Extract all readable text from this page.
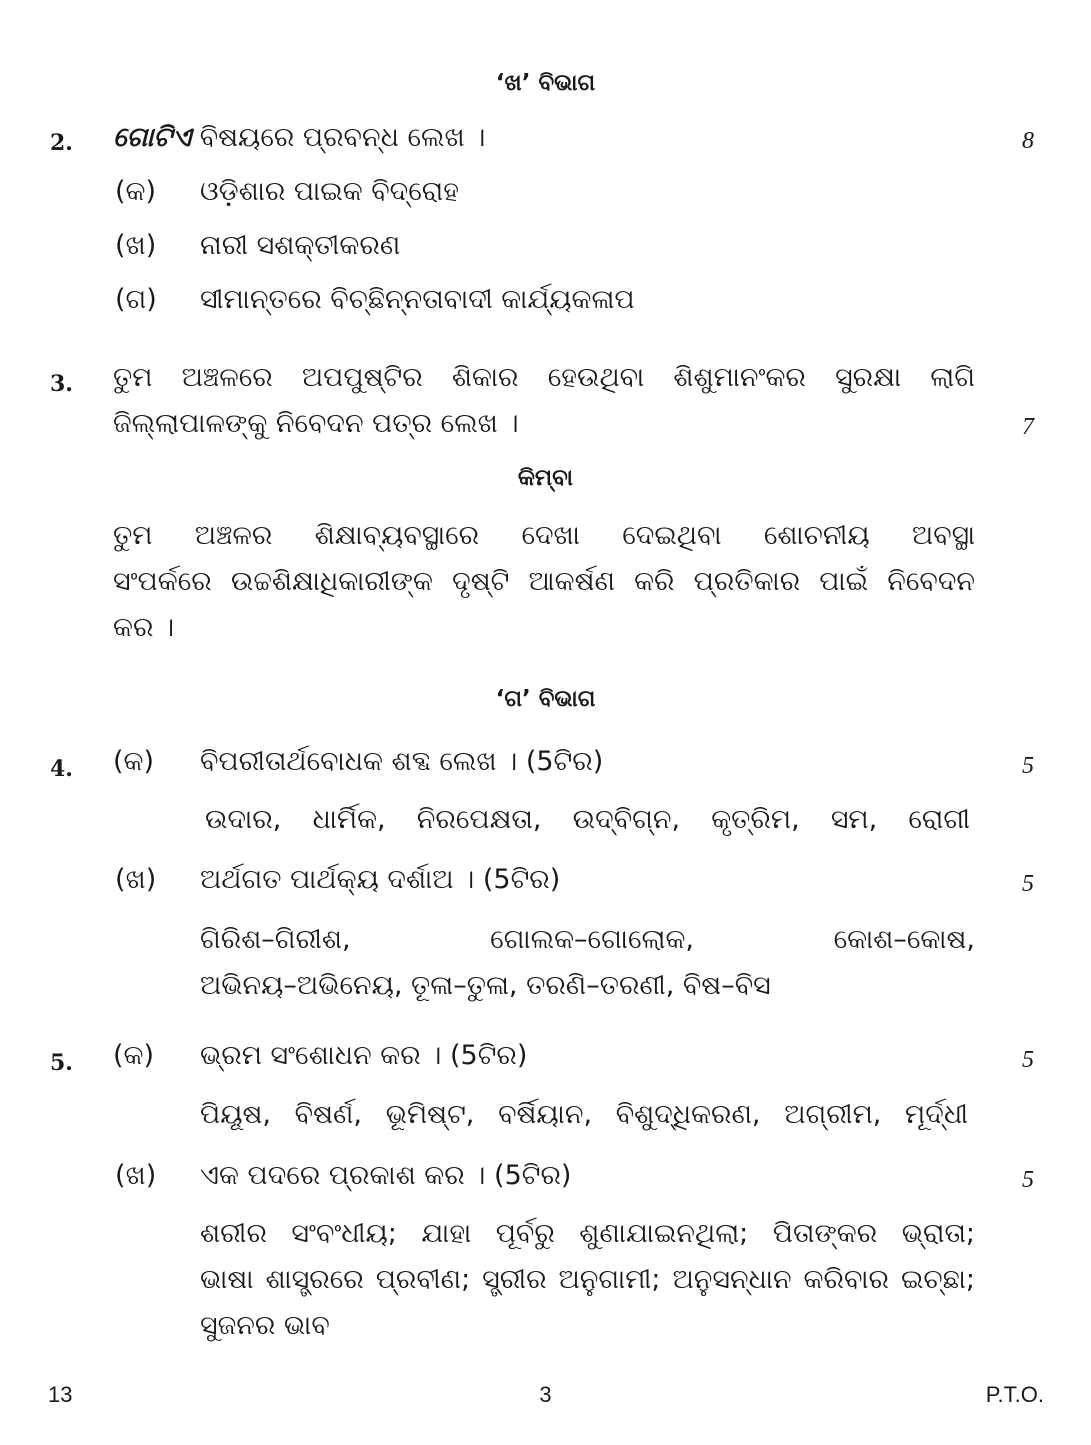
‘ଖ’ ବିଭାଗ
2. ଗୋଟିଏ ବିଷୟରେ ପ୍ରବନ୍ଧ ଲେଖ ।	8
(କ) ଓଡ଼ିଶାର ପାଇକ ବିଦ୍ରୋହ
(ଖ) ନାରୀ ସଶକ୍ତୀକରଣ
(ଗ) ସୀମାନ୍ତରେ ବିଚ୍ଛିନ୍ନତାବାଦୀ କାର୍ଯ୍ୟକଳାପ
3. ତୁମ ଅଞ୍ଚଳରେ ଅପପୁଷ୍ଟିର ଶିକାର ହେଉଥିବା ଶିଶୁମାନଂକର ସୁରକ୍ଷା ଲାଗି
ଜିଲ୍ଲାପାଳଙ୍କୁ ନିବେଦନ ପତ୍ର ଲେଖ ।	7
କିମ୍ବା
ତୁମ ଅଞ୍ଚଳର ଶିକ୍ଷାବ୍ୟବସ୍ଥାରେ ଦେଖା ଦେଇଥିବା ଶୋଚନୀୟ ଅବସ୍ଥା
ସଂପର୍କରେ ଉଚ୍ଚଶିକ୍ଷାଧିକାରୀଙ୍କ ଦୃଷ୍ଟି ଆକର୍ଷଣ କରି ପ୍ରତିକାର ପାଇଁ ନିବେଦନ
କର ।
‘ଗ’ ବିଭାଗ
4. (କ) ବିପରୀତାର୍ଥବୋଧକ ଶବ୍ଦ ଲେଖ । (5ଟିର)	5
ଉଦାର, ଧାର୍ମିକ, ନିରପେକ୍ଷତା, ଉଦ୍‌ବିଗ୍ନ, କୃତ୍ରିମ, ସମ, ରୋଗୀ
(ଖ) ଅର୍ଥଗତ ପାର୍ଥକ୍ୟ ଦର୍ଶାଅ । (5ଟିର)	5
ଗିରିଶ–ଗିରୀଶ, ଗୋଲକ–ଗୋଲୋକ, କୋଶ–କୋଷ,
ଅଭିନୟ–ଅଭିନେୟ, ତୂଳା–ତୁଳା, ତରଣି–ତରଣୀ, ବିଷ–ବିସ
5. (କ) ଭ୍ରମ ସଂଶୋଧନ କର । (5ଟିର)	5
ପିୟୂଷ, ବିଷର୍ଣ, ଭୂମିଷ୍ଟ, ବର୍ଷିୟାନ, ବିଶୁଦ୍ଧିକରଣ, ଅଗ୍ରୀମ, ମୂର୍ଦ୍ଧୀ
(ଖ) ଏକ ପଦରେ ପ୍ରକାଶ କର । (5ଟିର)	5
ଶରୀର ସଂବଂଧୀୟ; ଯାହା ପୂର୍ବରୁ ଶୁଣାଯାଇନଥିଲା; ପିତାଙ୍କର ଭ୍ରାତା;
ଭାଷା ଶାସ୍ତ୍ରରେ ପ୍ରବୀଣ; ସ୍ତ୍ରୀର ଅନୁଗାମୀ; ଅନୁସନ୍ଧାନ କରିବାର ଇଚ୍ଛା;
ସୁଜନର ଭାବ
13	3	P.T.O.
